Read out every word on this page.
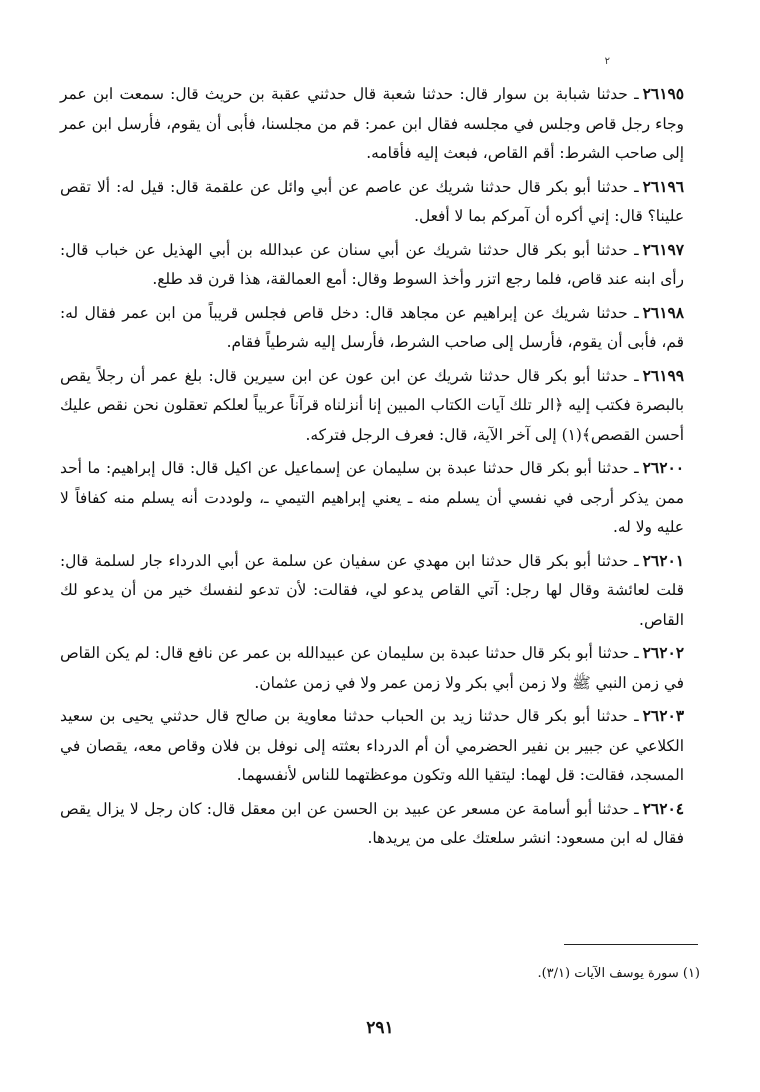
٢

٢٦١٩٥ـ حدثنا شبابة بن سوار قال: حدثنا شعبة قال حدثني عقبة بن حريث قال: سمعت ابن عمر وجاء رجل قاص وجلس في مجلسه فقال ابن عمر: قم من مجلسنا، فأبى أن يقوم، فأرسل ابن عمر إلى صاحب الشرط: أقم القاص، فبعث إليه فأقامه.

٢٦١٩٦ـ حدثنا أبو بكر قال حدثنا شريك عن عاصم عن أبي وائل عن علقمة قال: قيل له: ألا تقص علينا؟ قال: إني أكره أن آمركم بما لا أفعل.

٢٦١٩٧ـ حدثنا أبو بكر قال حدثنا شريك عن أبي سنان عن عبدالله بن أبي الهذيل عن خباب قال: رأى ابنه عند قاص، فلما رجع اتزر وأخذ السوط وقال: أمع العمالقة، هذا قرن قد طلع.

٢٦١٩٨ـ حدثنا شريك عن إبراهيم عن مجاهد قال: دخل قاص فجلس قريباً من ابن عمر فقال له: قم، فأبى أن يقوم، فأرسل إلى صاحب الشرط، فأرسل إليه شرطياً فقام.

٢٦١٩٩ـ حدثنا أبو بكر قال حدثنا شريك عن ابن عون عن ابن سيرين قال: بلغ عمر أن رجلاً يقص بالبصرة فكتب إليه ﴿الر تلك آيات الكتاب المبين إنا أنزلناه قرآناً عربياً لعلكم تعقلون نحن نقص عليك أحسن القصص﴾(١) إلى آخر الآية، قال: فعرف الرجل فتركه.

٢٦٢٠٠ـ حدثنا أبو بكر قال حدثنا عبدة بن سليمان عن إسماعيل عن اكيل قال: قال إبراهيم: ما أحد ممن يذكر أرجى في نفسي أن يسلم منه ـ يعني إبراهيم التيمي ـ، ولوددت أنه يسلم منه كفافاً لا عليه ولا له.

٢٦٢٠١ـ حدثنا أبو بكر قال حدثنا ابن مهدي عن سفيان عن سلمة عن أبي الدرداء جار لسلمة قال: قلت لعائشة وقال لها رجل: آتي القاص يدعو لي، فقالت: لأن تدعو لنفسك خير من أن يدعو لك القاص.

٢٦٢٠٢ـ حدثنا أبو بكر قال حدثنا عبدة بن سليمان عن عبيدالله بن عمر عن نافع قال: لم يكن القاص في زمن النبي ﷺ ولا زمن أبي بكر ولا زمن عمر ولا في زمن عثمان.

٢٦٢٠٣ـ حدثنا أبو بكر قال حدثنا زيد بن الحباب حدثنا معاوية بن صالح قال حدثني يحيى بن سعيد الكلاعي عن جبير بن نفير الحضرمي أن أم الدرداء بعثته إلى نوفل بن فلان وقاص معه، يقصان في المسجد، فقالت: قل لهما: ليتقيا الله وتكون موعظتهما للناس لأنفسهما.

٢٦٢٠٤ـ حدثنا أبو أسامة عن مسعر عن عبيد بن الحسن عن ابن معقل قال: كان رجل لا يزال يقص فقال له ابن مسعود: انشر سلعتك على من يريدها.

(١) سورة يوسف الآيات (٣/١).
٢٩١
